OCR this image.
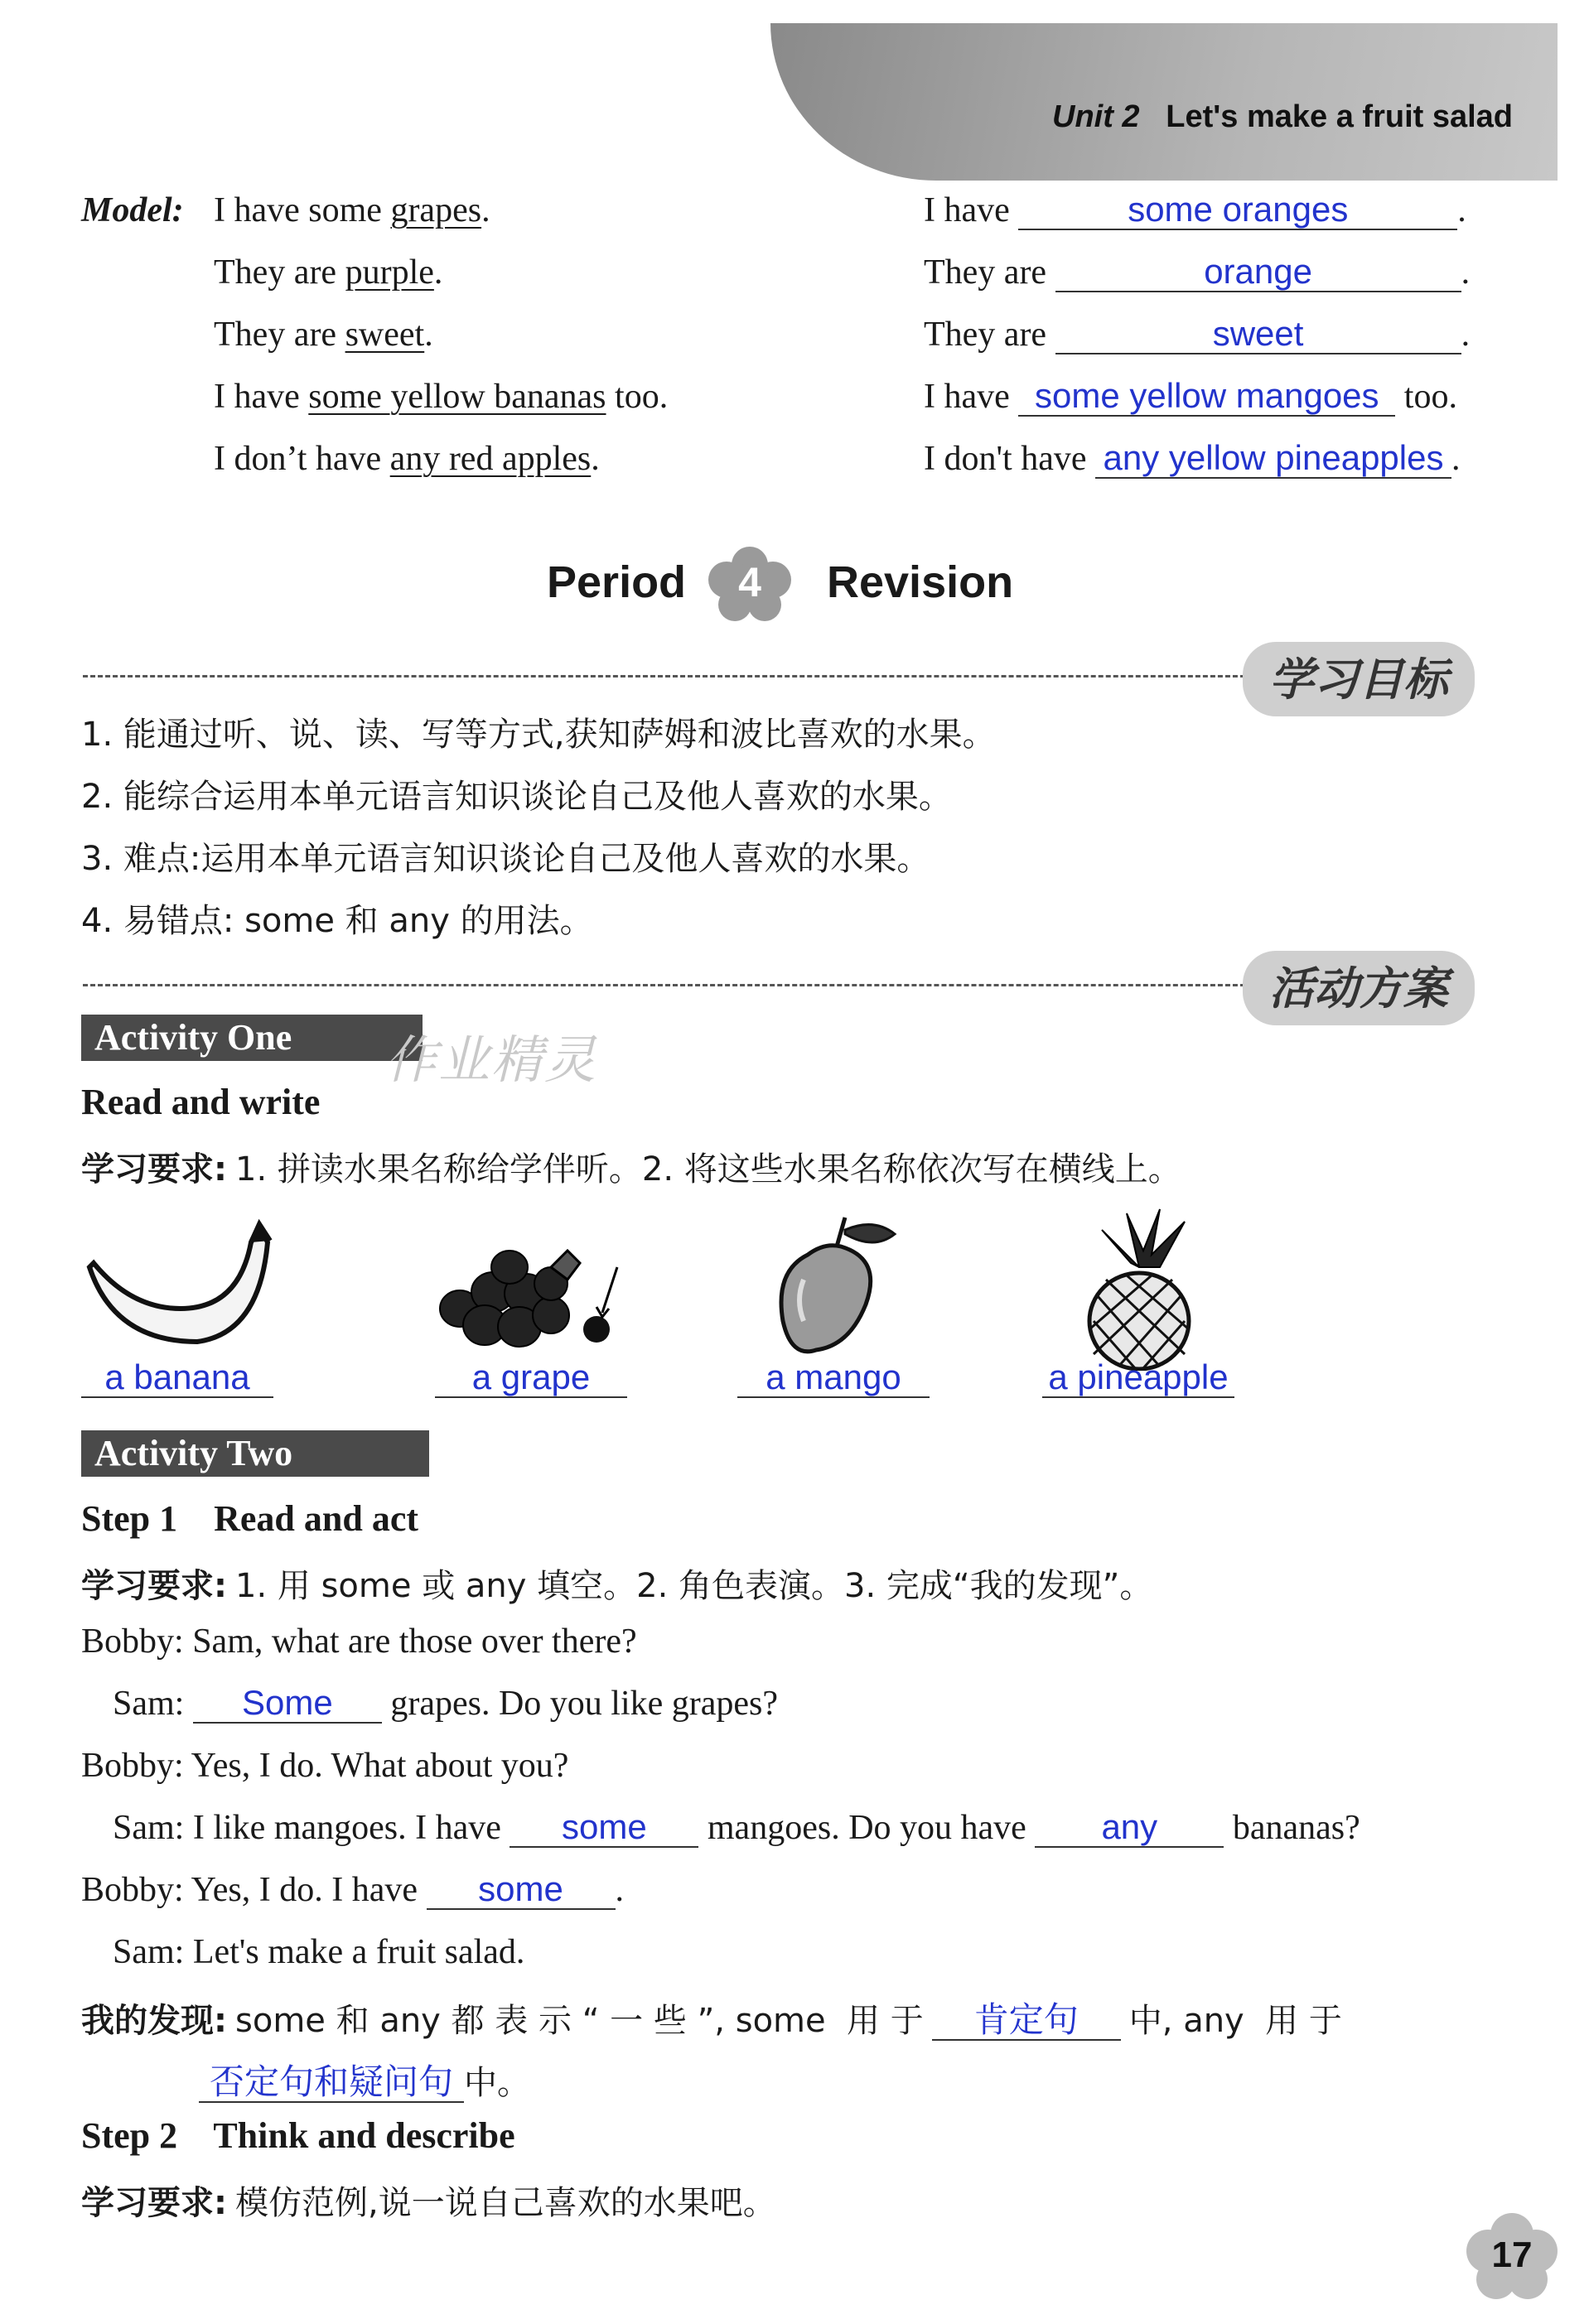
Unit 2 Let's make a fruit salad
Model: I have some grapes.
They are purple.
They are sweet.
I have some yellow bananas too.
I don’t have any red apples.
I have	some oranges	.
They are	orange	.
They are	sweet	.
I have some yellow mangoes too.
I don't have any yellow pineapples .
Period	4	Revision
学习目标
1. 能通过听、说、读、写等方式,获知萨姆和波比喜欢的水果。
2. 能综合运用本单元语言知识谈论自己及他人喜欢的水果。
3. 难点:运用本单元语言知识谈论自己及他人喜欢的水果。
4. 易错点: some 和 any 的用法。
活动方案
Activity One	作业精灵
Read and write
学习要求: 1. 拼读水果名称给学伴听。2. 将这些水果名称依次写在横线上。
a banana	a grape	a mango	a pineapple
Activity Two
Step 1    Read and act
学习要求: 1. 用 some 或 any 填空。2. 角色表演。3. 完成“我的发现”。
Bobby: Sam, what are those over there?
Sam: Some grapes. Do you like grapes?
Bobby: Yes, I do. What about you?
Sam: I like mangoes. I have some mangoes. Do you have any bananas?
Bobby: Yes, I do. I have some .
Sam: Let's make a fruit salad.
我的发现: some 和 any 都 表 示 “ 一 些 ”, some  用 于 肯定句 中, any  用 于
否定句和疑问句 中。
Step 2    Think and describe
学习要求: 模仿范例,说一说自己喜欢的水果吧。
17
